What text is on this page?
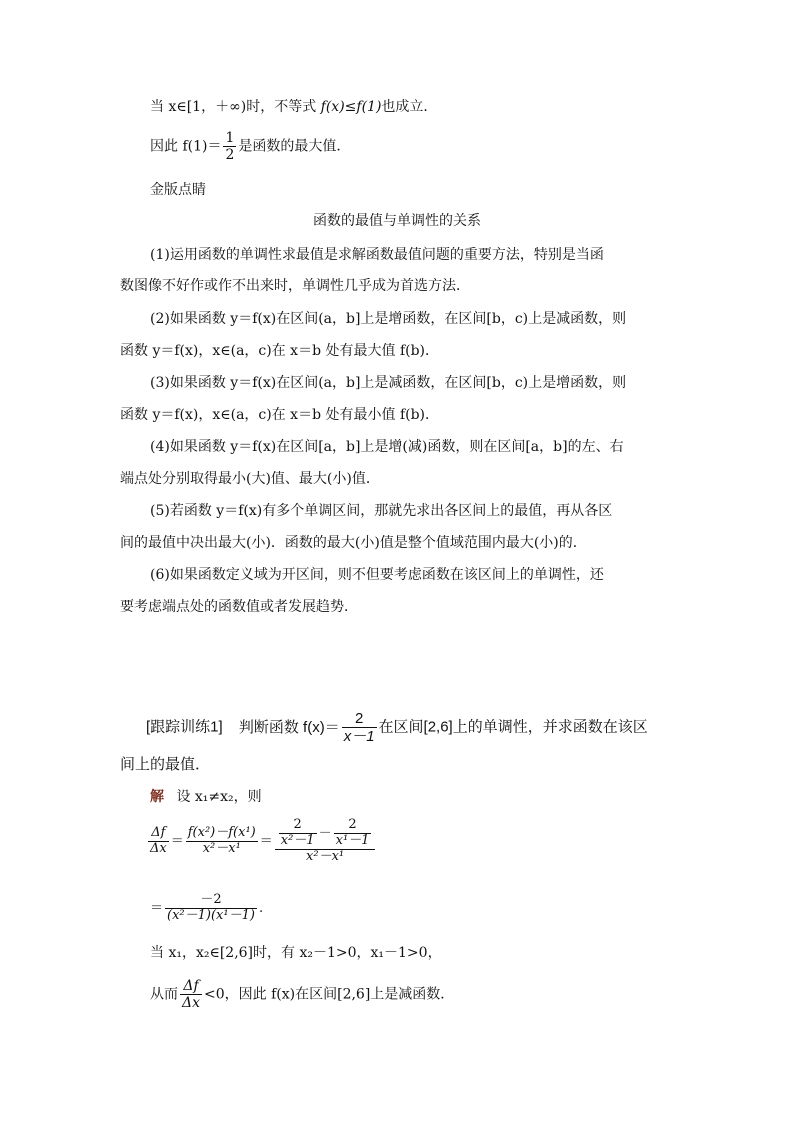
当 x∈[1，＋∞)时，不等式 f(x)≤f(1)也成立．
因此 $f(1)= \frac{1}{2}$ 是函数的最大值．
金版点睛
函数的最值与单调性的关系
(1)运用函数的单调性求最值是求解函数最值问题的重要方法，特别是当函
数图像不好作或作不出来时，单调性几乎成为首选方法．
(2)如果函数 y＝f(x)在区间(a，b]上是增函数，在区间[b，c)上是减函数，则
函数 y＝f(x)，x∈(a，c)在 x＝b 处有最大值 f(b)．
(3)如果函数 y＝f(x)在区间(a，b]上是减函数，在区间[b，c)上是增函数，则
函数 y＝f(x)，x∈(a，c)在 x＝b 处有最小值 f(b)．
(4)如果函数 y＝f(x)在区间[a，b]上是增(减)函数，则在区间[a，b]的左、右
端点处分别取得最小(大)值、最大(小)值．
(5)若函数 y＝f(x)有多个单调区间，那就先求出各区间上的最值，再从各区
间的最值中决出最大(小)．函数的最大(小)值是整个值域范围内最大(小)的．
(6)如果函数定义域为开区间，则不但要考虑函数在该区间上的单调性，还
要考虑端点处的函数值或者发展趋势．
[跟踪训练1] 判断函数 $f(x)= \frac{2}{x-1}$ 在区间[2,6]上的单调性，并求函数在该区
间上的最值．
解 设 x₁≠x₂，则
$\frac{\Delta f}{\Delta x} = \frac{\text{f(x²)－f(x¹)}}{\text{x²－x¹}} = \frac{\frac{2}{\text{x²－1}} - \frac{2}{\text{x¹－1}}}{\text{x²－x¹}}$
＝ $\frac{-2}{\text{(x²－1)(x¹－1)}}$ .
当 x₁，x₂∈[2,6]时，有 x₂－1>0，x₁－1>0，
从而 $\frac{\Delta f}{\Delta x} <0$，因此 f(x)在区间[2,6]上是减函数．
